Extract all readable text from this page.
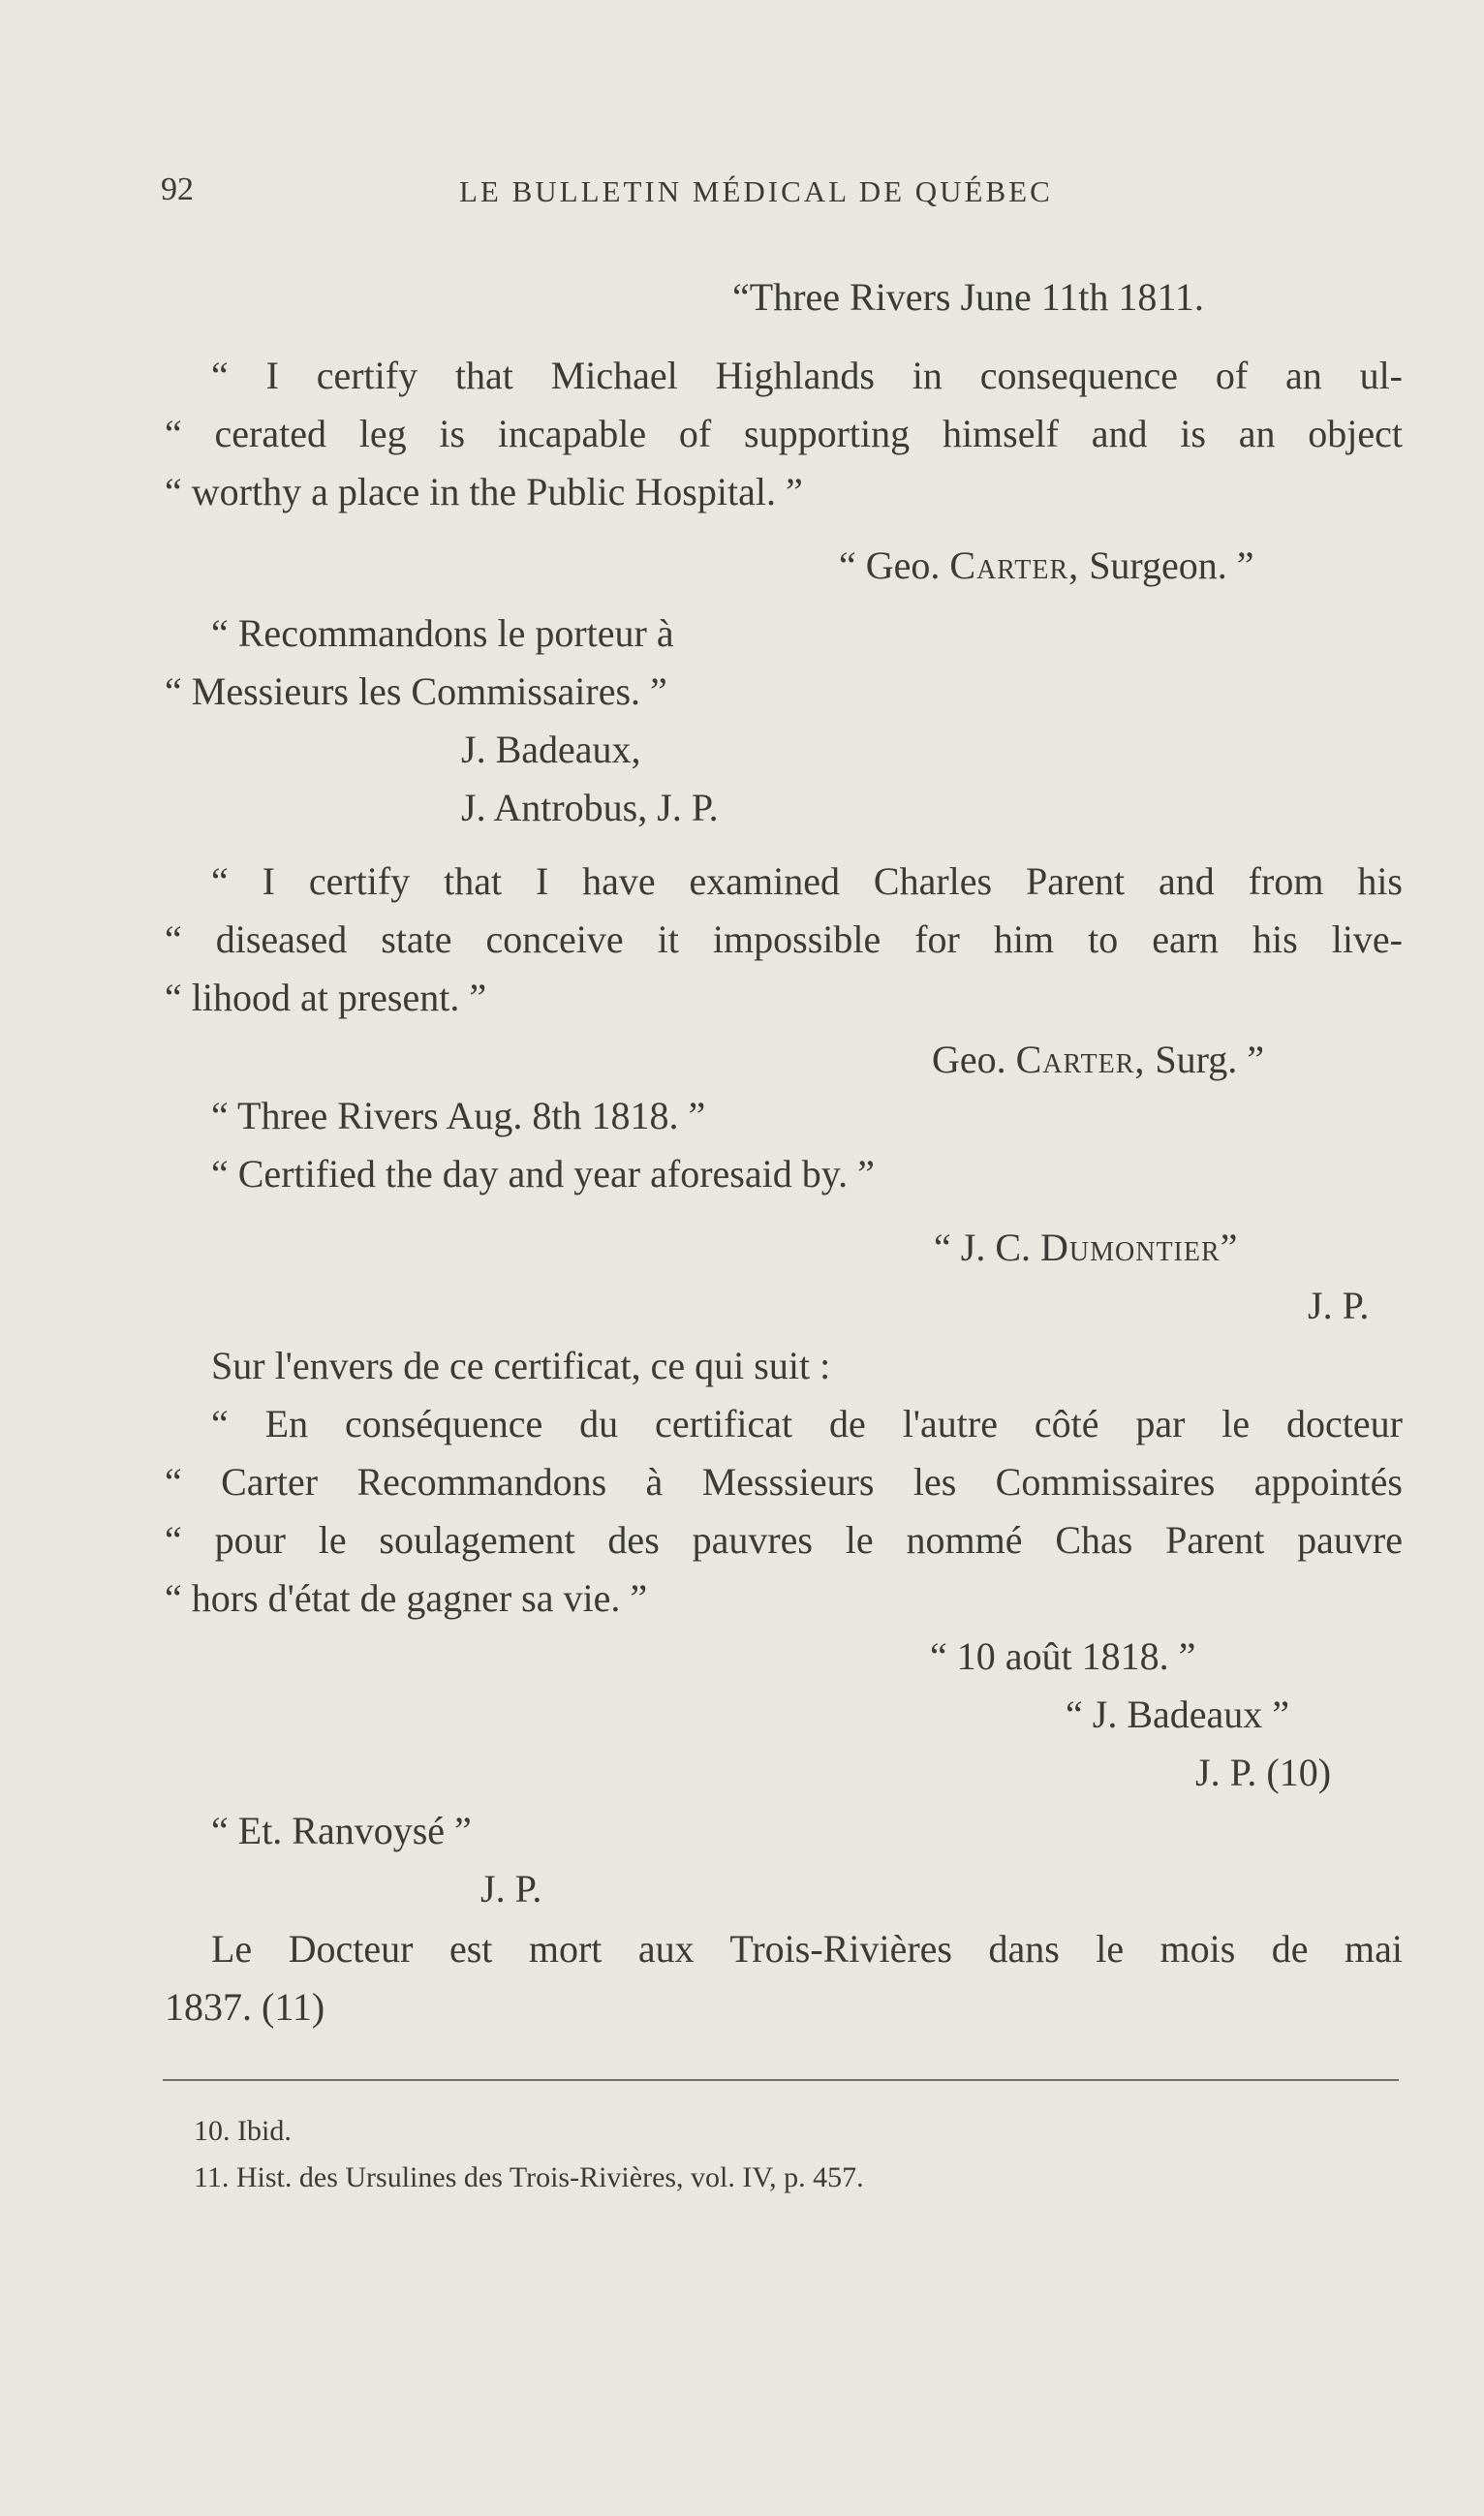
92	LE BULLETIN MÉDICAL DE QUÉBEC

“Three Rivers June 11th 1811.

“ I certify that Michael Highlands in consequence of an ul-

“ cerated leg is incapable of supporting himself and is an object

“ worthy a place in the Public Hospital. ”

“ Geo. Carter, Surgeon. ”

“ Recommandons le porteur à

“ Messieurs les Commissaires. ”

J. Badeaux,

J. Antrobus, J. P.

“ I certify that I have examined Charles Parent and from his

“ diseased state conceive it impossible for him to earn his live-

“ lihood at present. ”

Geo. Carter, Surg. ”

“ Three Rivers Aug. 8th 1818. ”

“ Certified the day and year aforesaid by. ”

“ J. C. Dumontier”

J. P.

Sur l'envers de ce certificat, ce qui suit :

“ En conséquence du certificat de l'autre côté par le docteur

“ Carter Recommandons à Messsieurs les Commissaires appointés

“ pour le soulagement des pauvres le nommé Chas Parent pauvre

“ hors d'état de gagner sa vie. ”

“ 10 août 1818. ”

“ J. Badeaux ”

J. P. (10)

“ Et. Ranvoysé ”

J. P.

Le Docteur est mort aux Trois-Rivières dans le mois de mai

1837. (11)

10. Ibid.

11. Hist. des Ursulines des Trois-Rivières, vol. IV, p. 457.
